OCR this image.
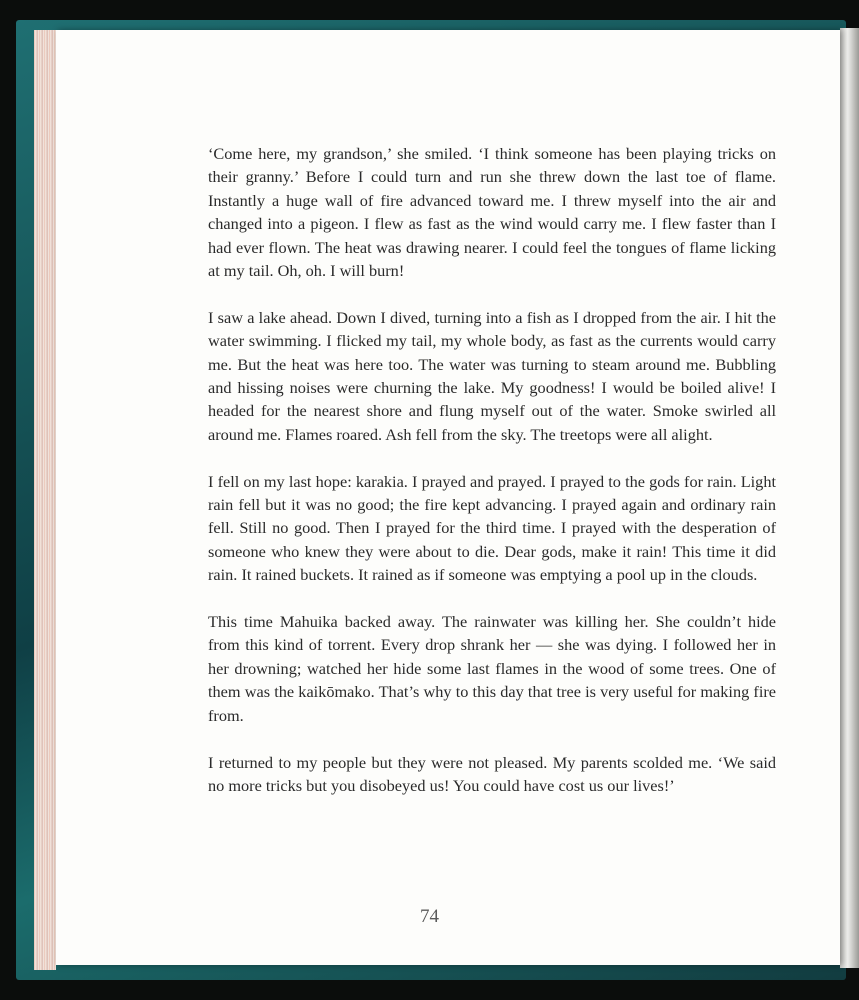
‘Come here, my grandson,’ she smiled. ‘I think someone has been playing tricks on their granny.’ Before I could turn and run she threw down the last toe of flame. Instantly a huge wall of fire advanced toward me. I threw myself into the air and changed into a pigeon. I flew as fast as the wind would carry me. I flew faster than I had ever flown. The heat was drawing nearer. I could feel the tongues of flame licking at my tail. Oh, oh. I will burn!

I saw a lake ahead. Down I dived, turning into a fish as I dropped from the air. I hit the water swimming. I flicked my tail, my whole body, as fast as the currents would carry me. But the heat was here too. The water was turning to steam around me. Bubbling and hissing noises were churning the lake. My goodness! I would be boiled alive! I headed for the nearest shore and flung myself out of the water. Smoke swirled all around me. Flames roared. Ash fell from the sky. The treetops were all alight.

I fell on my last hope: karakia. I prayed and prayed. I prayed to the gods for rain. Light rain fell but it was no good; the fire kept advancing. I prayed again and ordinary rain fell. Still no good. Then I prayed for the third time. I prayed with the desperation of someone who knew they were about to die. Dear gods, make it rain! This time it did rain. It rained buckets. It rained as if someone was emptying a pool up in the clouds.

This time Mahuika backed away. The rainwater was killing her. She couldn’t hide from this kind of torrent. Every drop shrank her — she was dying. I followed her in her drowning; watched her hide some last flames in the wood of some trees. One of them was the kaikōmako. That’s why to this day that tree is very useful for making fire from.

I returned to my people but they were not pleased. My parents scolded me. ‘We said no more tricks but you disobeyed us! You could have cost us our lives!’

74
